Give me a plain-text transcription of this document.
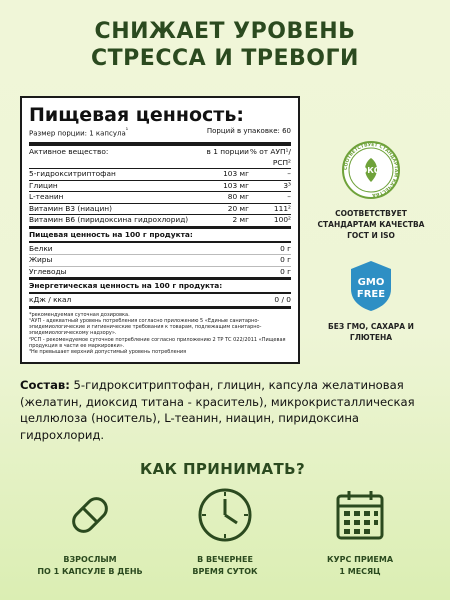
СНИЖАЕТ УРОВЕНЬ
СТРЕССА И ТРЕВОГИ
Пищевая ценность:
Размер порции: 1 капсула$^{^1}$	Порций в упаковке: 60
Активное вещество:	в 1 порции % от АУП¹/РСП²
5-гидрокситриптофан	103 мг	–
Глицин	103 мг	3³
L-теанин	80 мг	–
Витамин B3 (ниацин)	20 мг	111²
Витамин B6 (пиридоксина гидрохлорид)	2 мг	100²
Пищевая ценность на 100 г продукта:
Белки	0 г
Жиры	0 г
Углеводы	0 г
Энергетическая ценность на 100 г продукта:
кДж / ккал	0 / 0
*рекомендуемая суточная дозировка.
¹АУП - адекватный уровень потребления согласно приложению 5 «Единые санитарно-эпидемиологические и гигиенические требования к товарам, подлежащим санитарно-эпидемиологическому надзору».
²РСП - рекомендуемое суточное потребление согласно приложению 2 ТР ТС 022/2011 «Пищевая продукция в части ее маркировки».
³Не превышает верхний допустимый уровень потребления
СООТВЕТСТВУЕТ СТАНДАРТАМ КАЧЕСТВА
ЭКО
СООТВЕТСТВУЕТ СТАНДАРТАМ КАЧЕСТВА ГОСТ И ISO
GMO
FREE
БЕЗ ГМО, САХАРА И ГЛЮТЕНА
Состав: 5-гидрокситриптофан, глицин, капсула желатиновая (желатин, диоксид титана - краситель), микрокристаллическая целлюлоза (носитель), L-теанин, ниацин, пиридоксина гидрохлорид.
КАК ПРИНИМАТЬ?
ВЗРОСЛЫМ
ПО 1 КАПСУЛЕ В ДЕНЬ
В ВЕЧЕРНЕЕ
ВРЕМЯ СУТОК
КУРС ПРИЕМА
1 МЕСЯЦ
